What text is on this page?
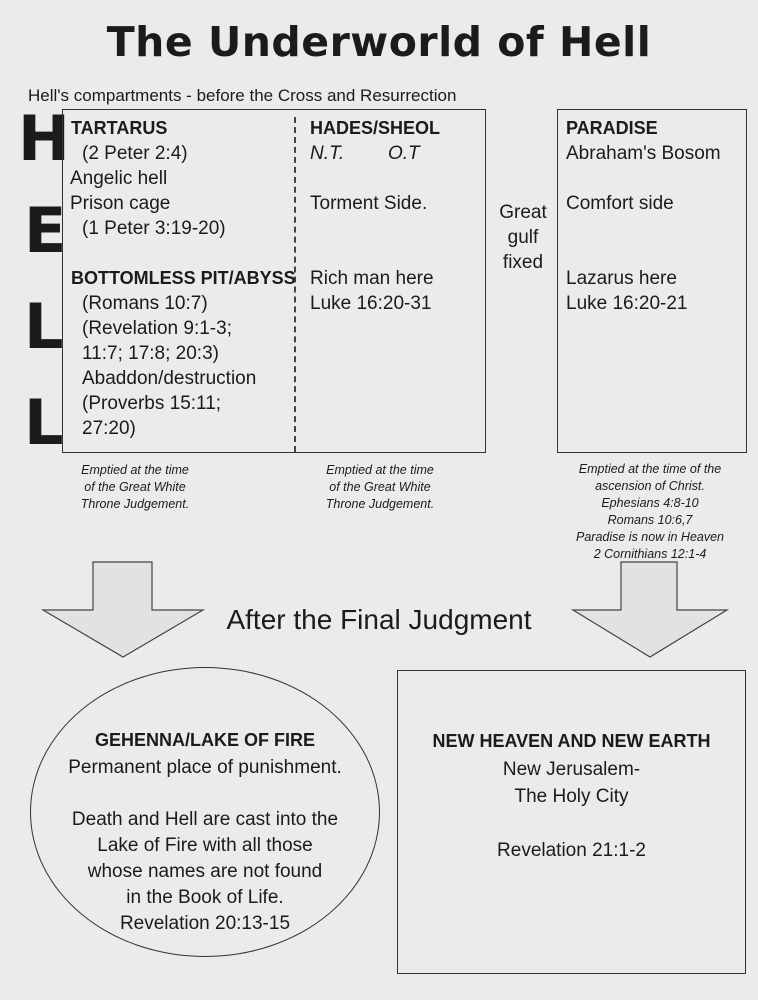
The Underworld of Hell
Hell's compartments - before the Cross and Resurrection
H
E
L
L
TARTARUS
(2 Peter 2:4)
Angelic hell
Prison cage
(1 Peter 3:19-20)
BOTTOMLESS PIT/ABYSS
(Romans 10:7)
(Revelation 9:1-3;
11:7; 17:8; 20:3)
Abaddon/destruction
(Proverbs 15:11;
27:20)
HADES/SHEOL
N.T. O.T
Torment Side.
Rich man here
Luke 16:20-31
Great
gulf
fixed
PARADISE
Abraham's Bosom
Comfort side
Lazarus here
Luke 16:20-21
Emptied at the time
of the Great White
Throne Judgement.
Emptied at the time
of the Great White
Throne Judgement.
Emptied at the time of the
ascension of Christ.
Ephesians 4:8-10
Romans 10:6,7
Paradise is now in Heaven
2 Cornithians 12:1-4
After the Final Judgment
GEHENNA/LAKE OF FIRE
Permanent place of punishment.
Death and Hell are cast into the
Lake of Fire with all those
whose names are not found
in the Book of Life.
Revelation 20:13-15
NEW HEAVEN AND NEW EARTH
New Jerusalem-
The Holy City
Revelation 21:1-2
